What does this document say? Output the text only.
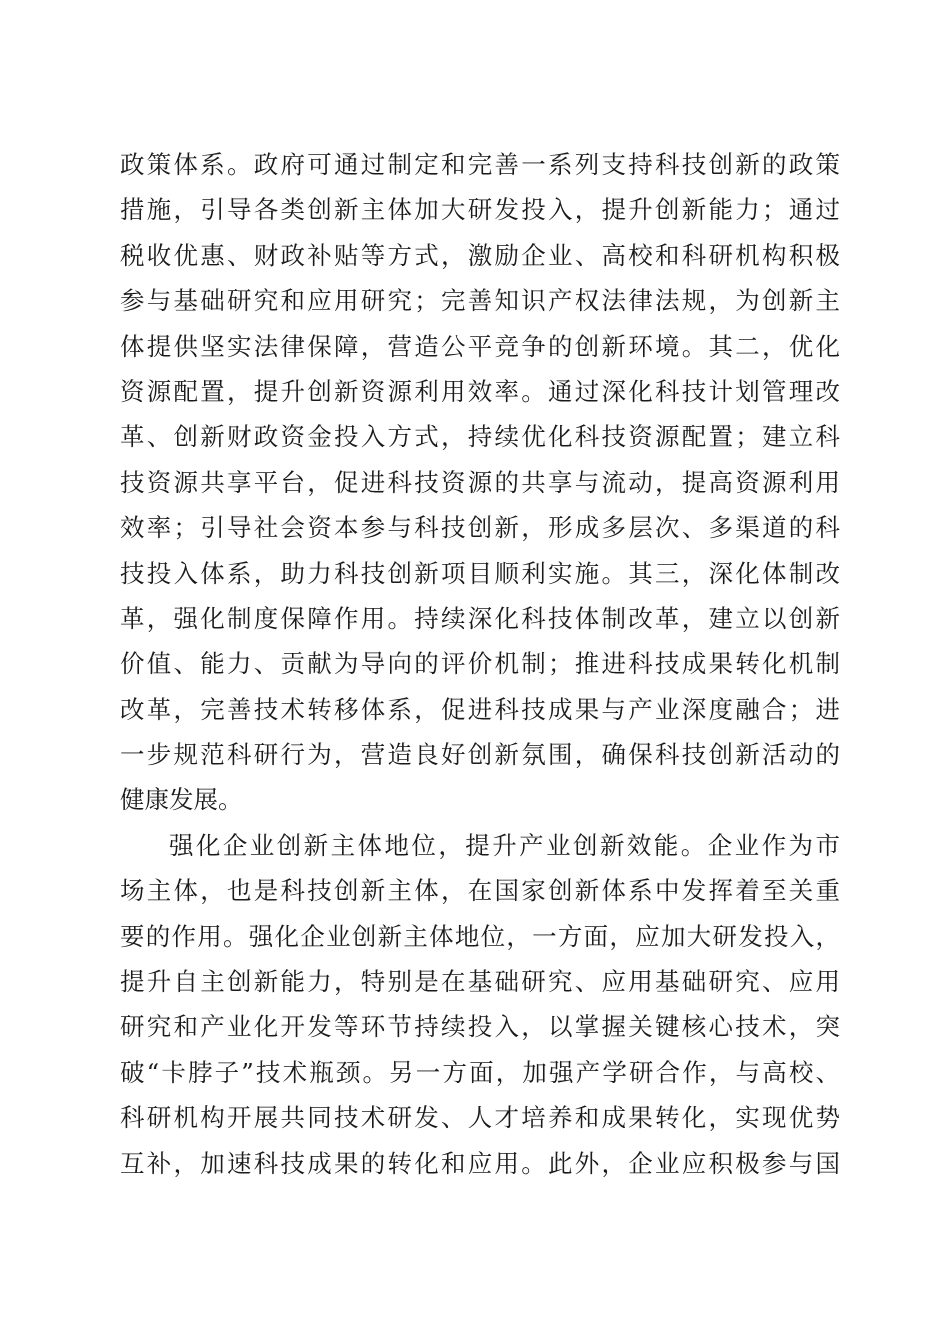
政策体系。政府可通过制定和完善一系列支持科技创新的政策
措施，引导各类创新主体加大研发投入，提升创新能力；通过
税收优惠、财政补贴等方式，激励企业、高校和科研机构积极
参与基础研究和应用研究；完善知识产权法律法规，为创新主
体提供坚实法律保障，营造公平竞争的创新环境。其二，优化
资源配置，提升创新资源利用效率。通过深化科技计划管理改
革、创新财政资金投入方式，持续优化科技资源配置；建立科
技资源共享平台，促进科技资源的共享与流动，提高资源利用
效率；引导社会资本参与科技创新，形成多层次、多渠道的科
技投入体系，助力科技创新项目顺利实施。其三，深化体制改
革，强化制度保障作用。持续深化科技体制改革，建立以创新
价值、能力、贡献为导向的评价机制；推进科技成果转化机制
改革，完善技术转移体系，促进科技成果与产业深度融合；进
一步规范科研行为，营造良好创新氛围，确保科技创新活动的
健康发展。
强化企业创新主体地位，提升产业创新效能。企业作为市
场主体，也是科技创新主体，在国家创新体系中发挥着至关重
要的作用。强化企业创新主体地位，一方面，应加大研发投入，
提升自主创新能力，特别是在基础研究、应用基础研究、应用
研究和产业化开发等环节持续投入，以掌握关键核心技术，突
破“卡脖子”技术瓶颈。另一方面，加强产学研合作，与高校、
科研机构开展共同技术研发、人才培养和成果转化，实现优势
互补，加速科技成果的转化和应用。此外，企业应积极参与国
